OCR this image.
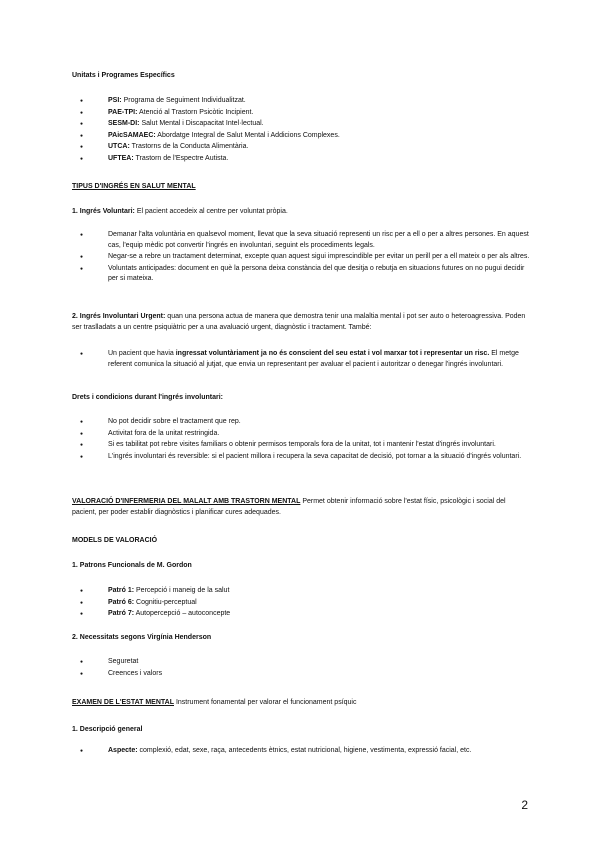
Unitats i Programes Específics
● PSI: Programa de Seguiment Individualitzat.
● PAE-TPI: Atenció al Trastorn Psicòtic Incipient.
● SESM-DI: Salut Mental i Discapacitat Intel·lectual.
● PAicSAMAEC: Abordatge Integral de Salut Mental i Addicions Complexes.
● UTCA: Trastorns de la Conducta Alimentària.
● UFTEA: Trastorn de l'Espectre Autista.
TIPUS D'INGRÉS EN SALUT MENTAL
1. Ingrés Voluntari: El pacient accedeix al centre per voluntat pròpia.
● Demanar l'alta voluntària en qualsevol moment, llevat que la seva situació representi un risc per a ell o per a altres persones. En aquest cas, l'equip mèdic pot convertir l'ingrés en involuntari, seguint els procediments legals.
● Negar-se a rebre un tractament determinat, excepte quan aquest sigui imprescindible per evitar un perill per a ell mateix o per als altres.
● Voluntats anticipades: document en què la persona deixa constància del que desitja o rebutja en situacions futures on no pugui decidir per si mateixa.
2. Ingrés Involuntari Urgent: quan una persona actua de manera que demostra tenir una malaltia mental i pot ser auto o heteroagressiva. Poden ser traslladats a un centre psiquiàtric per a una avaluació urgent, diagnòstic i tractament. També:
● Un pacient que havia ingressat voluntàriament ja no és conscient del seu estat i vol marxar tot i representar un risc. El metge referent comunica la situació al jutjat, que envia un representant per avaluar el pacient i autoritzar o denegar l'ingrés involuntari.
Drets i condicions durant l'ingrés involuntari:
● No pot decidir sobre el tractament que rep.
● Activitat fora de la unitat restringida.
● Si es tabilitat pot rebre visites familiars o obtenir permisos temporals fora de la unitat, tot i mantenir l'estat d'ingrés involuntari.
● L'ingrés involuntari és reversible: si el pacient millora i recupera la seva capacitat de decisió, pot tornar a la situació d'ingrés voluntari.
VALORACIÓ D'INFERMERIA DEL MALALT AMB TRASTORN MENTAL Permet obtenir informació sobre l'estat físic, psicològic i social del pacient, per poder establir diagnòstics i planificar cures adequades.
MODELS DE VALORACIÓ
1. Patrons Funcionals de M. Gordon
● Patró 1: Percepció i maneig de la salut
● Patró 6: Cognitiu-perceptual
● Patró 7: Autopercepció – autoconcepte
2. Necessitats segons Virgínia Henderson
● Seguretat
● Creences i valors
EXAMEN DE L'ESTAT MENTAL Instrument fonamental per valorar el funcionament psíquic
1. Descripció general
● Aspecte: complexió, edat, sexe, raça, antecedents ètnics, estat nutricional, higiene, vestimenta, expressió facial, etc.
2
